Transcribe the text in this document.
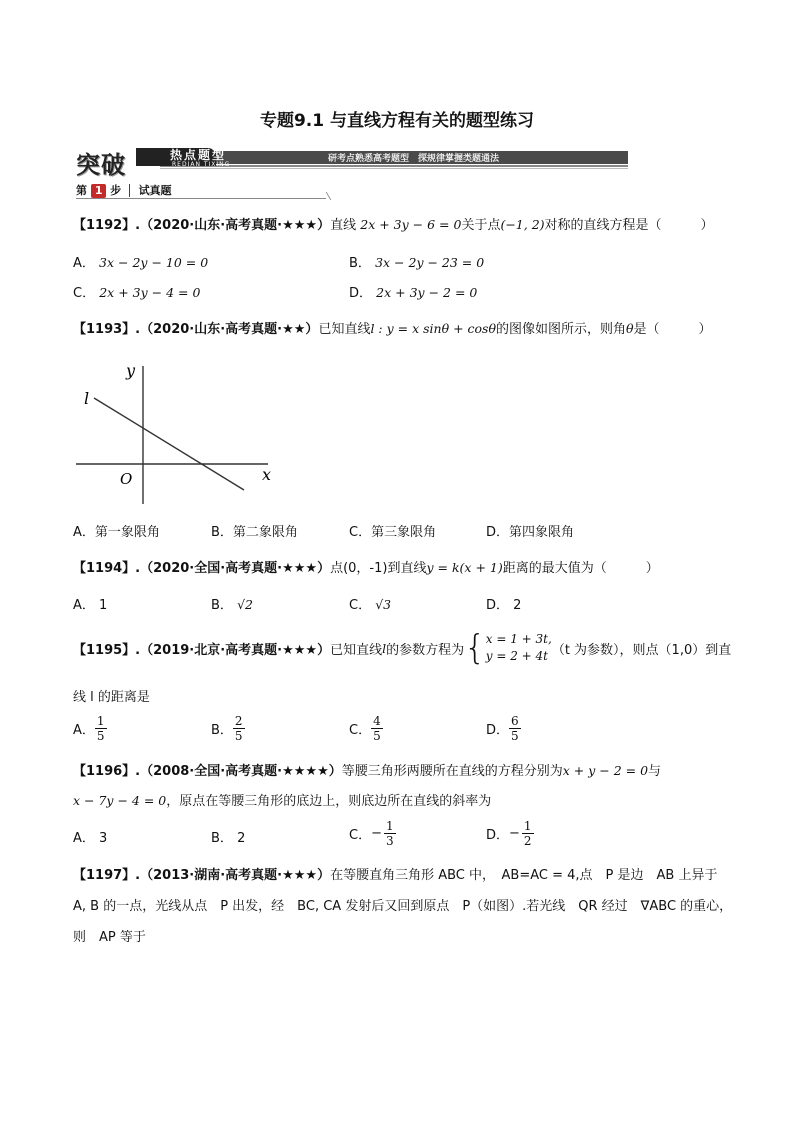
专题9.1 与直线方程有关的题型练习
突破	热点题型
REDIAN TIXING
研考点熟悉高考题型　探规律掌握类题通法
第 1 步 试真题
【1192】.（2020·山东·高考真题·★★★）直线 2x + 3y − 6 = 0关于点(−1, 2)对称的直线方程是（　　　）
A． 3x − 2y − 10 = 0	B． 3x − 2y − 23 = 0
C． 2x + 3y − 4 = 0	D． 2x + 3y − 2 = 0
【1193】.（2020·山东·高考真题·★★）已知直线l : y = x sinθ + cosθ的图像如图所示，则角θ是（　　　）
y
x
O
l
A．第一象限角	B．第二象限角	C．第三象限角	D．第四象限角
【1194】.（2020·全国·高考真题·★★★）点(0，-1)到直线y = k(x + 1)距离的最大值为（　　　）
A． 1	B． √2	C． √3	D． 2
【1195】.（2019·北京·高考真题·★★★） 已知直线 l 的参数方程为 { x = 1 + 3t,
y = 2 + 4t （t 为参数），则点（1,0）到直
线 l 的距离是
A． $\frac{1}{5}$	B． $\frac{2}{5}$	C． $\frac{4}{5}$	D． $\frac{6}{5}$
【1196】.（2008·全国·高考真题·★★★★）等腰三角形两腰所在直线的方程分别为x + y − 2 = 0与
x − 7y − 4 = 0，原点在等腰三角形的底边上，则底边所在直线的斜率为
A． 3	B． 2	C． − $\frac{1}{3}$	D． − $\frac{1}{2}$
【1197】.（2013·湖南·高考真题·★★★）在等腰直角三角形 ABC 中，　AB=AC = 4,点　P 是边　AB 上异于
A, B 的一点，光线从点　P 出发，经　BC, CA 发射后又回到原点　P（如图）.若光线　QR 经过　∇ABC 的重心，
则　AP 等于
